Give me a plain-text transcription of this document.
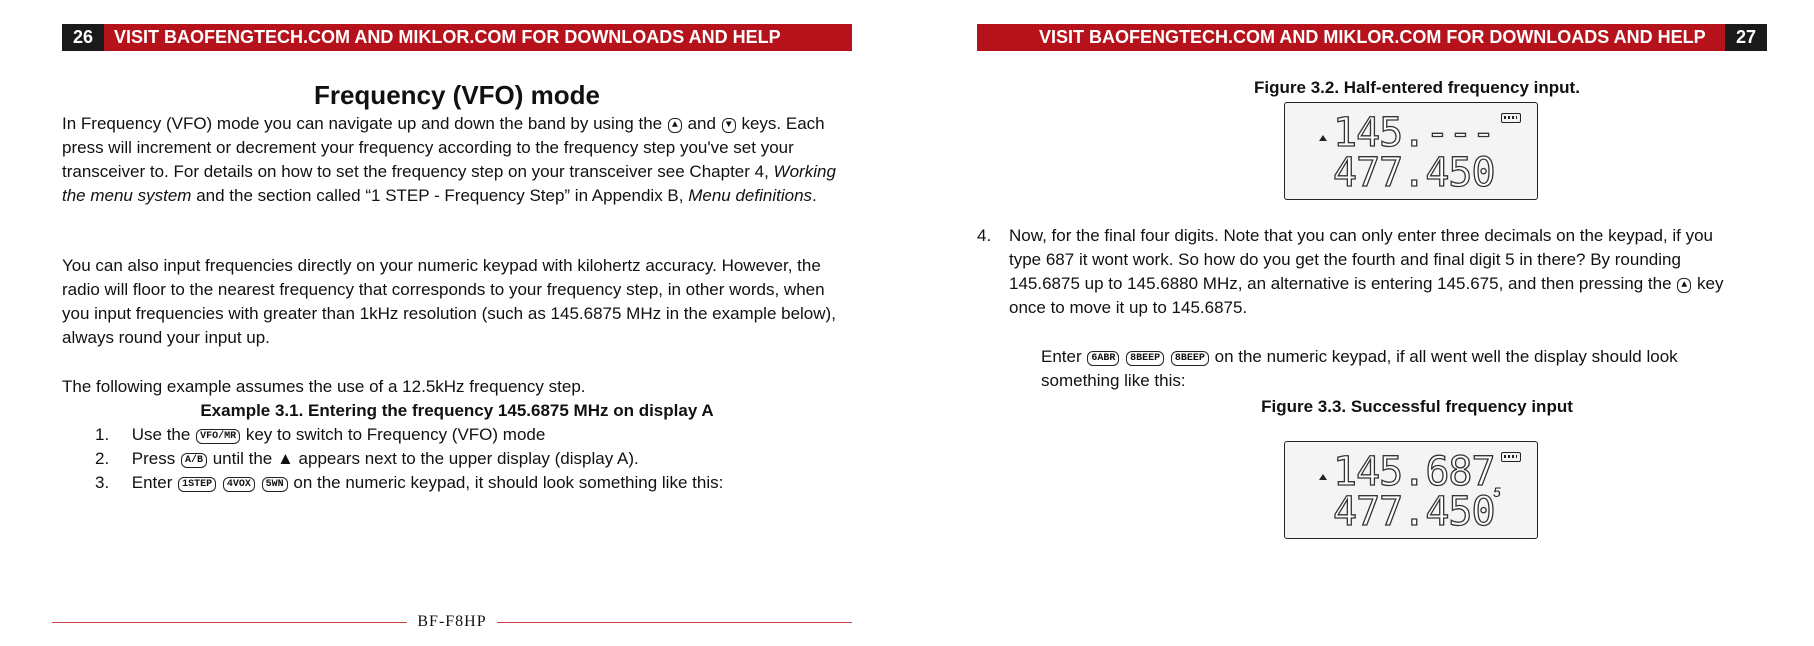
26	VISIT BAOFENGTECH.COM AND MIKLOR.COM FOR DOWNLOADS AND HELP
Frequency (VFO) mode
In Frequency (VFO) mode you can navigate up and down the band by using the ▲ and ▼ keys. Each press will increment or decrement your frequency according to the frequency step you've set your transceiver to. For details on how to set the frequency step on your transceiver see Chapter 4, Working the menu system and the section called “1 STEP - Frequency Step” in Appendix B, Menu definitions.
You can also input frequencies directly on your numeric keypad with kilohertz accuracy. However, the radio will floor to the nearest frequency that corresponds to your frequency step, in other words, when you input frequencies with greater than 1kHz resolution (such as 145.6875 MHz in the example below), always round your input up.
The following example assumes the use of a 12.5kHz frequency step.
Example 3.1. Entering the frequency 145.6875 MHz on display A
1. Use the VFO/MR key to switch to Frequency (VFO) mode
2. Press A/B until the ▲ appears next to the upper display (display A).
3. Enter 1STEP 4VOX 5WN on the numeric keypad, it should look something like this:
BF-F8HP
VISIT BAOFENGTECH.COM AND MIKLOR.COM FOR DOWNLOADS AND HELP	27
Figure 3.2. Half-entered frequency input.
145.---
477.450
4. Now, for the final four digits. Note that you can only enter three decimals on the keypad, if you type 687 it wont work. So how do you get the fourth and final digit 5 in there? By rounding 145.6875 up to 145.6880 MHz, an alternative is entering 145.675, and then pressing the ▲ key once to move it up to 145.6875.
Enter 6ABR 8BEEP 8BEEP on the numeric keypad, if all went well the display should look something like this:
Figure 3.3. Successful frequency input
145.687
5
477.450
